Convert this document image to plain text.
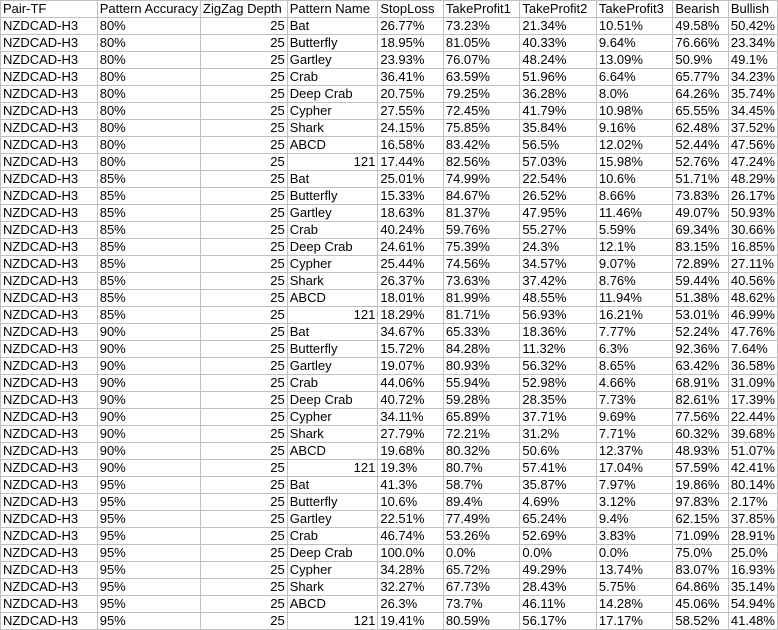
Pair-TF	Pattern Accuracy	ZigZag Depth	Pattern Name	StopLoss	TakeProfit1	TakeProfit2	TakeProfit3	Bearish	Bullish
NZDCAD-H3	80%	25	Bat	26.77%	73.23%	21.34%	10.51%	49.58%	50.42%
NZDCAD-H3	80%	25	Butterfly	18.95%	81.05%	40.33%	9.64%	76.66%	23.34%
NZDCAD-H3	80%	25	Gartley	23.93%	76.07%	48.24%	13.09%	50.9%	49.1%
NZDCAD-H3	80%	25	Crab	36.41%	63.59%	51.96%	6.64%	65.77%	34.23%
NZDCAD-H3	80%	25	Deep Crab	20.75%	79.25%	36.28%	8.0%	64.26%	35.74%
NZDCAD-H3	80%	25	Cypher	27.55%	72.45%	41.79%	10.98%	65.55%	34.45%
NZDCAD-H3	80%	25	Shark	24.15%	75.85%	35.84%	9.16%	62.48%	37.52%
NZDCAD-H3	80%	25	ABCD	16.58%	83.42%	56.5%	12.02%	52.44%	47.56%
NZDCAD-H3	80%	25	121	17.44%	82.56%	57.03%	15.98%	52.76%	47.24%
NZDCAD-H3	85%	25	Bat	25.01%	74.99%	22.54%	10.6%	51.71%	48.29%
NZDCAD-H3	85%	25	Butterfly	15.33%	84.67%	26.52%	8.66%	73.83%	26.17%
NZDCAD-H3	85%	25	Gartley	18.63%	81.37%	47.95%	11.46%	49.07%	50.93%
NZDCAD-H3	85%	25	Crab	40.24%	59.76%	55.27%	5.59%	69.34%	30.66%
NZDCAD-H3	85%	25	Deep Crab	24.61%	75.39%	24.3%	12.1%	83.15%	16.85%
NZDCAD-H3	85%	25	Cypher	25.44%	74.56%	34.57%	9.07%	72.89%	27.11%
NZDCAD-H3	85%	25	Shark	26.37%	73.63%	37.42%	8.76%	59.44%	40.56%
NZDCAD-H3	85%	25	ABCD	18.01%	81.99%	48.55%	11.94%	51.38%	48.62%
NZDCAD-H3	85%	25	121	18.29%	81.71%	56.93%	16.21%	53.01%	46.99%
NZDCAD-H3	90%	25	Bat	34.67%	65.33%	18.36%	7.77%	52.24%	47.76%
NZDCAD-H3	90%	25	Butterfly	15.72%	84.28%	11.32%	6.3%	92.36%	7.64%
NZDCAD-H3	90%	25	Gartley	19.07%	80.93%	56.32%	8.65%	63.42%	36.58%
NZDCAD-H3	90%	25	Crab	44.06%	55.94%	52.98%	4.66%	68.91%	31.09%
NZDCAD-H3	90%	25	Deep Crab	40.72%	59.28%	28.35%	7.73%	82.61%	17.39%
NZDCAD-H3	90%	25	Cypher	34.11%	65.89%	37.71%	9.69%	77.56%	22.44%
NZDCAD-H3	90%	25	Shark	27.79%	72.21%	31.2%	7.71%	60.32%	39.68%
NZDCAD-H3	90%	25	ABCD	19.68%	80.32%	50.6%	12.37%	48.93%	51.07%
NZDCAD-H3	90%	25	121	19.3%	80.7%	57.41%	17.04%	57.59%	42.41%
NZDCAD-H3	95%	25	Bat	41.3%	58.7%	35.87%	7.97%	19.86%	80.14%
NZDCAD-H3	95%	25	Butterfly	10.6%	89.4%	4.69%	3.12%	97.83%	2.17%
NZDCAD-H3	95%	25	Gartley	22.51%	77.49%	65.24%	9.4%	62.15%	37.85%
NZDCAD-H3	95%	25	Crab	46.74%	53.26%	52.69%	3.83%	71.09%	28.91%
NZDCAD-H3	95%	25	Deep Crab	100.0%	0.0%	0.0%	0.0%	75.0%	25.0%
NZDCAD-H3	95%	25	Cypher	34.28%	65.72%	49.29%	13.74%	83.07%	16.93%
NZDCAD-H3	95%	25	Shark	32.27%	67.73%	28.43%	5.75%	64.86%	35.14%
NZDCAD-H3	95%	25	ABCD	26.3%	73.7%	46.11%	14.28%	45.06%	54.94%
NZDCAD-H3	95%	25	121	19.41%	80.59%	56.17%	17.17%	58.52%	41.48%
